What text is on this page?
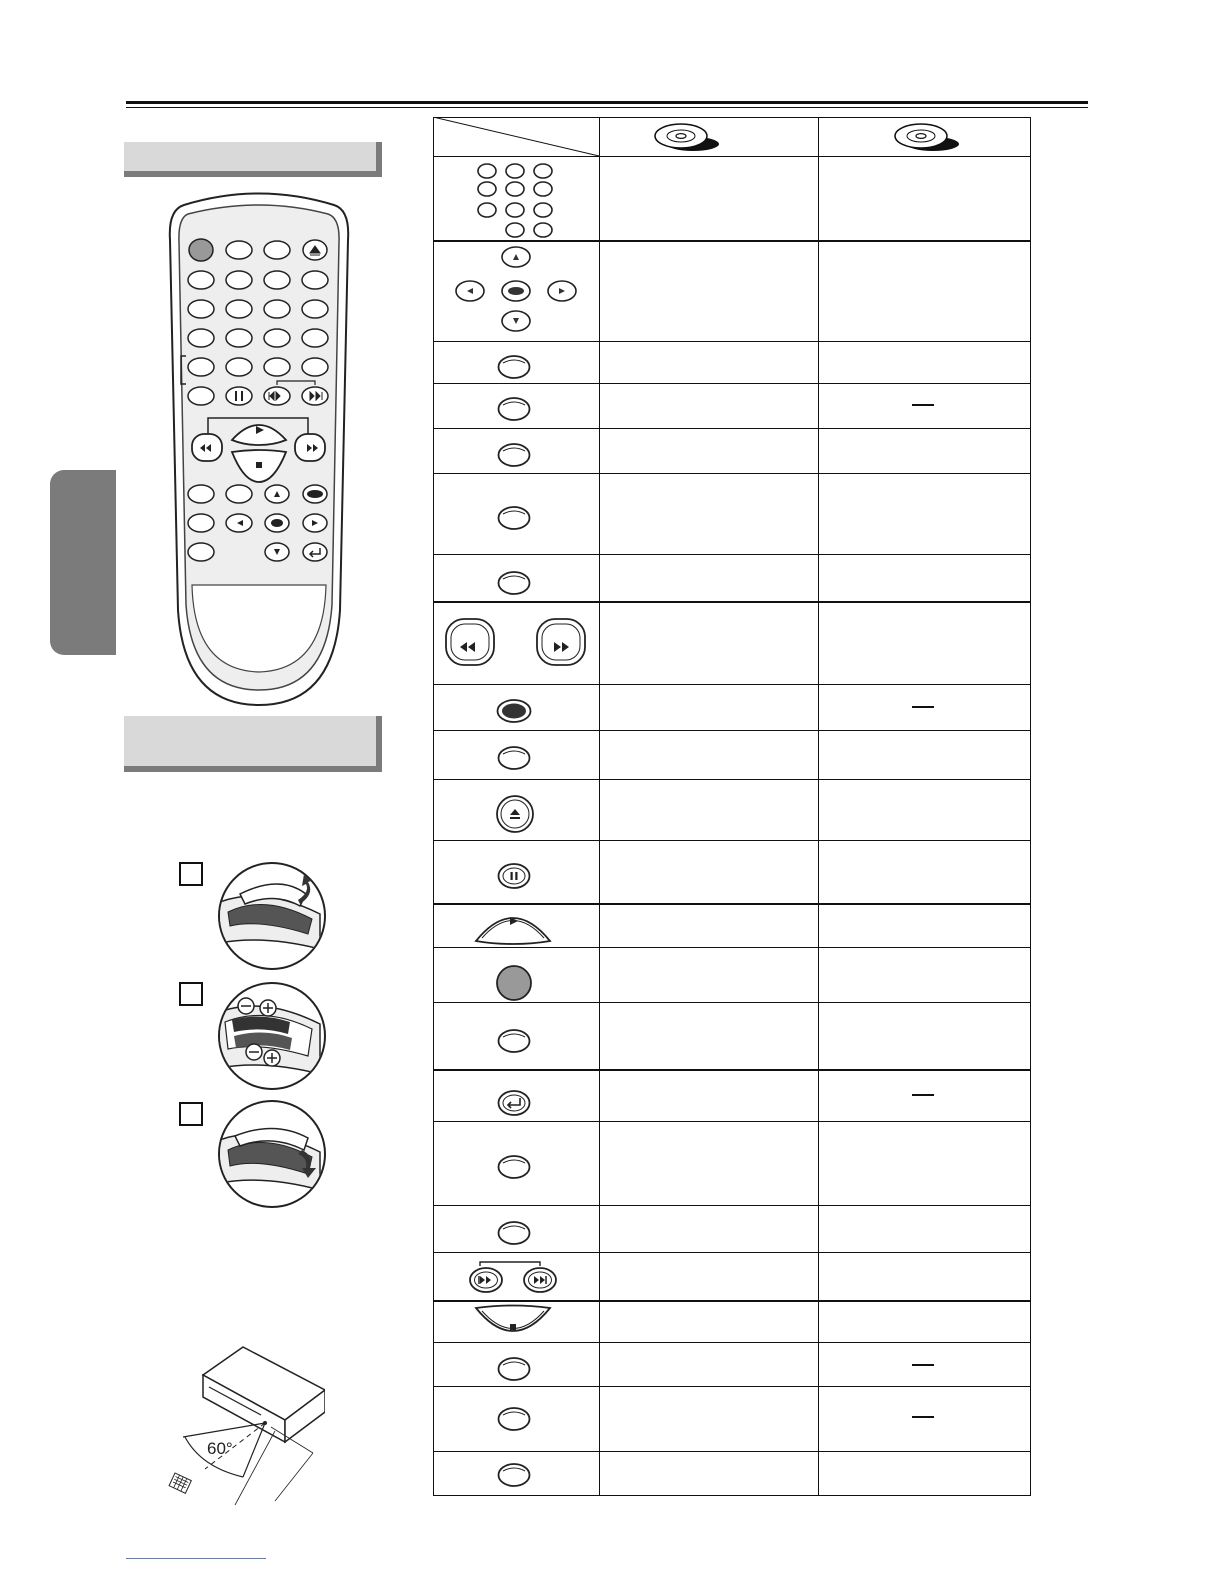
60°
